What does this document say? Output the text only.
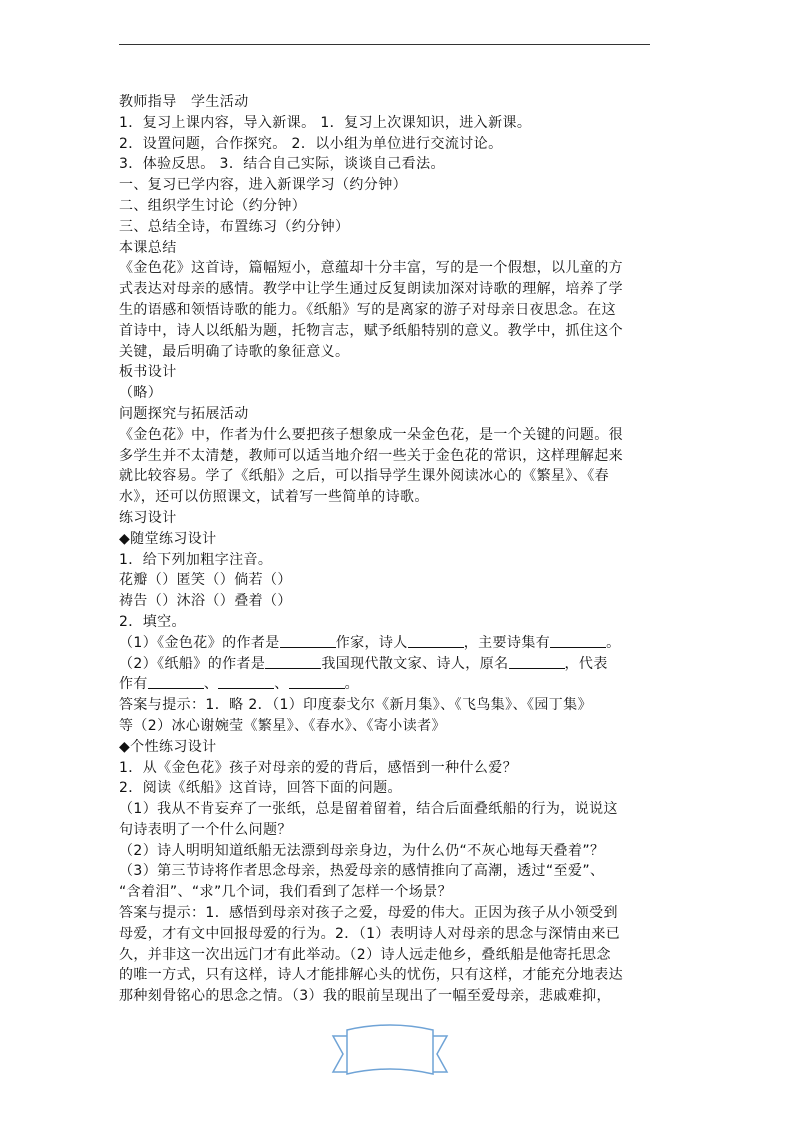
教师指导　学生活动
1．复习上课内容，导入新课。 1．复习上次课知识，进入新课。
2．设置问题，合作探究。 2．以小组为单位进行交流讨论。
3．体验反思。 3．结合自己实际，谈谈自己看法。
一、复习已学内容，进入新课学习（约分钟）
二、组织学生讨论（约分钟）
三、总结全诗，布置练习（约分钟）
本课总结
《金色花》这首诗，篇幅短小，意蕴却十分丰富，写的是一个假想，以儿童的方
式表达对母亲的感情。教学中让学生通过反复朗读加深对诗歌的理解，培养了学
生的语感和领悟诗歌的能力。《纸船》写的是离家的游子对母亲日夜思念。在这
首诗中，诗人以纸船为题，托物言志，赋予纸船特别的意义。教学中，抓住这个
关键，最后明确了诗歌的象征意义。
板书设计
（略）
问题探究与拓展活动
《金色花》中，作者为什么要把孩子想象成一朵金色花，是一个关键的问题。很
多学生并不太清楚，教师可以适当地介绍一些关于金色花的常识，这样理解起来
就比较容易。学了《纸船》之后，可以指导学生课外阅读冰心的《繁星》、《春
水》，还可以仿照课文，试着写一些简单的诗歌。
练习设计
◆随堂练习设计
1．给下列加粗字注音。
花瓣（）匿笑（）倘若（）
祷告（）沐浴（）叠着（）
2．填空。
（1）《金色花》的作者是	作家，诗人	，主要诗集有	。
（2）《纸船》的作者是	我国现代散文家、诗人，原名	，代表
作有	、	、	。
答案与提示：1．略 2．（1）印度泰戈尔《新月集》、《飞鸟集》、《园丁集》
等（2）冰心谢婉莹《繁星》、《春水》、《寄小读者》
◆个性练习设计
1．从《金色花》孩子对母亲的爱的背后，感悟到一种什么爱？
2．阅读《纸船》这首诗，回答下面的问题。
（1）我从不肯妄弃了一张纸，总是留着留着，结合后面叠纸船的行为，说说这
句诗表明了一个什么问题？
（2）诗人明明知道纸船无法漂到母亲身边，为什么仍“不灰心地每天叠着”？
（3）第三节诗将作者思念母亲，热爱母亲的感情推向了高潮，透过“至爱”、
“含着泪”、“求”几个词，我们看到了怎样一个场景？
答案与提示：1．感悟到母亲对孩子之爱，母爱的伟大。正因为孩子从小领受到
母爱，才有文中回报母爱的行为。2．（1）表明诗人对母亲的思念与深情由来已
久，并非这一次出远门才有此举动。（2）诗人远走他乡，叠纸船是他寄托思念
的唯一方式，只有这样，诗人才能排解心头的忧伤，只有这样，才能充分地表达
那种刻骨铭心的思念之情。（3）我的眼前呈现出了一幅至爱母亲，悲戚难抑，
